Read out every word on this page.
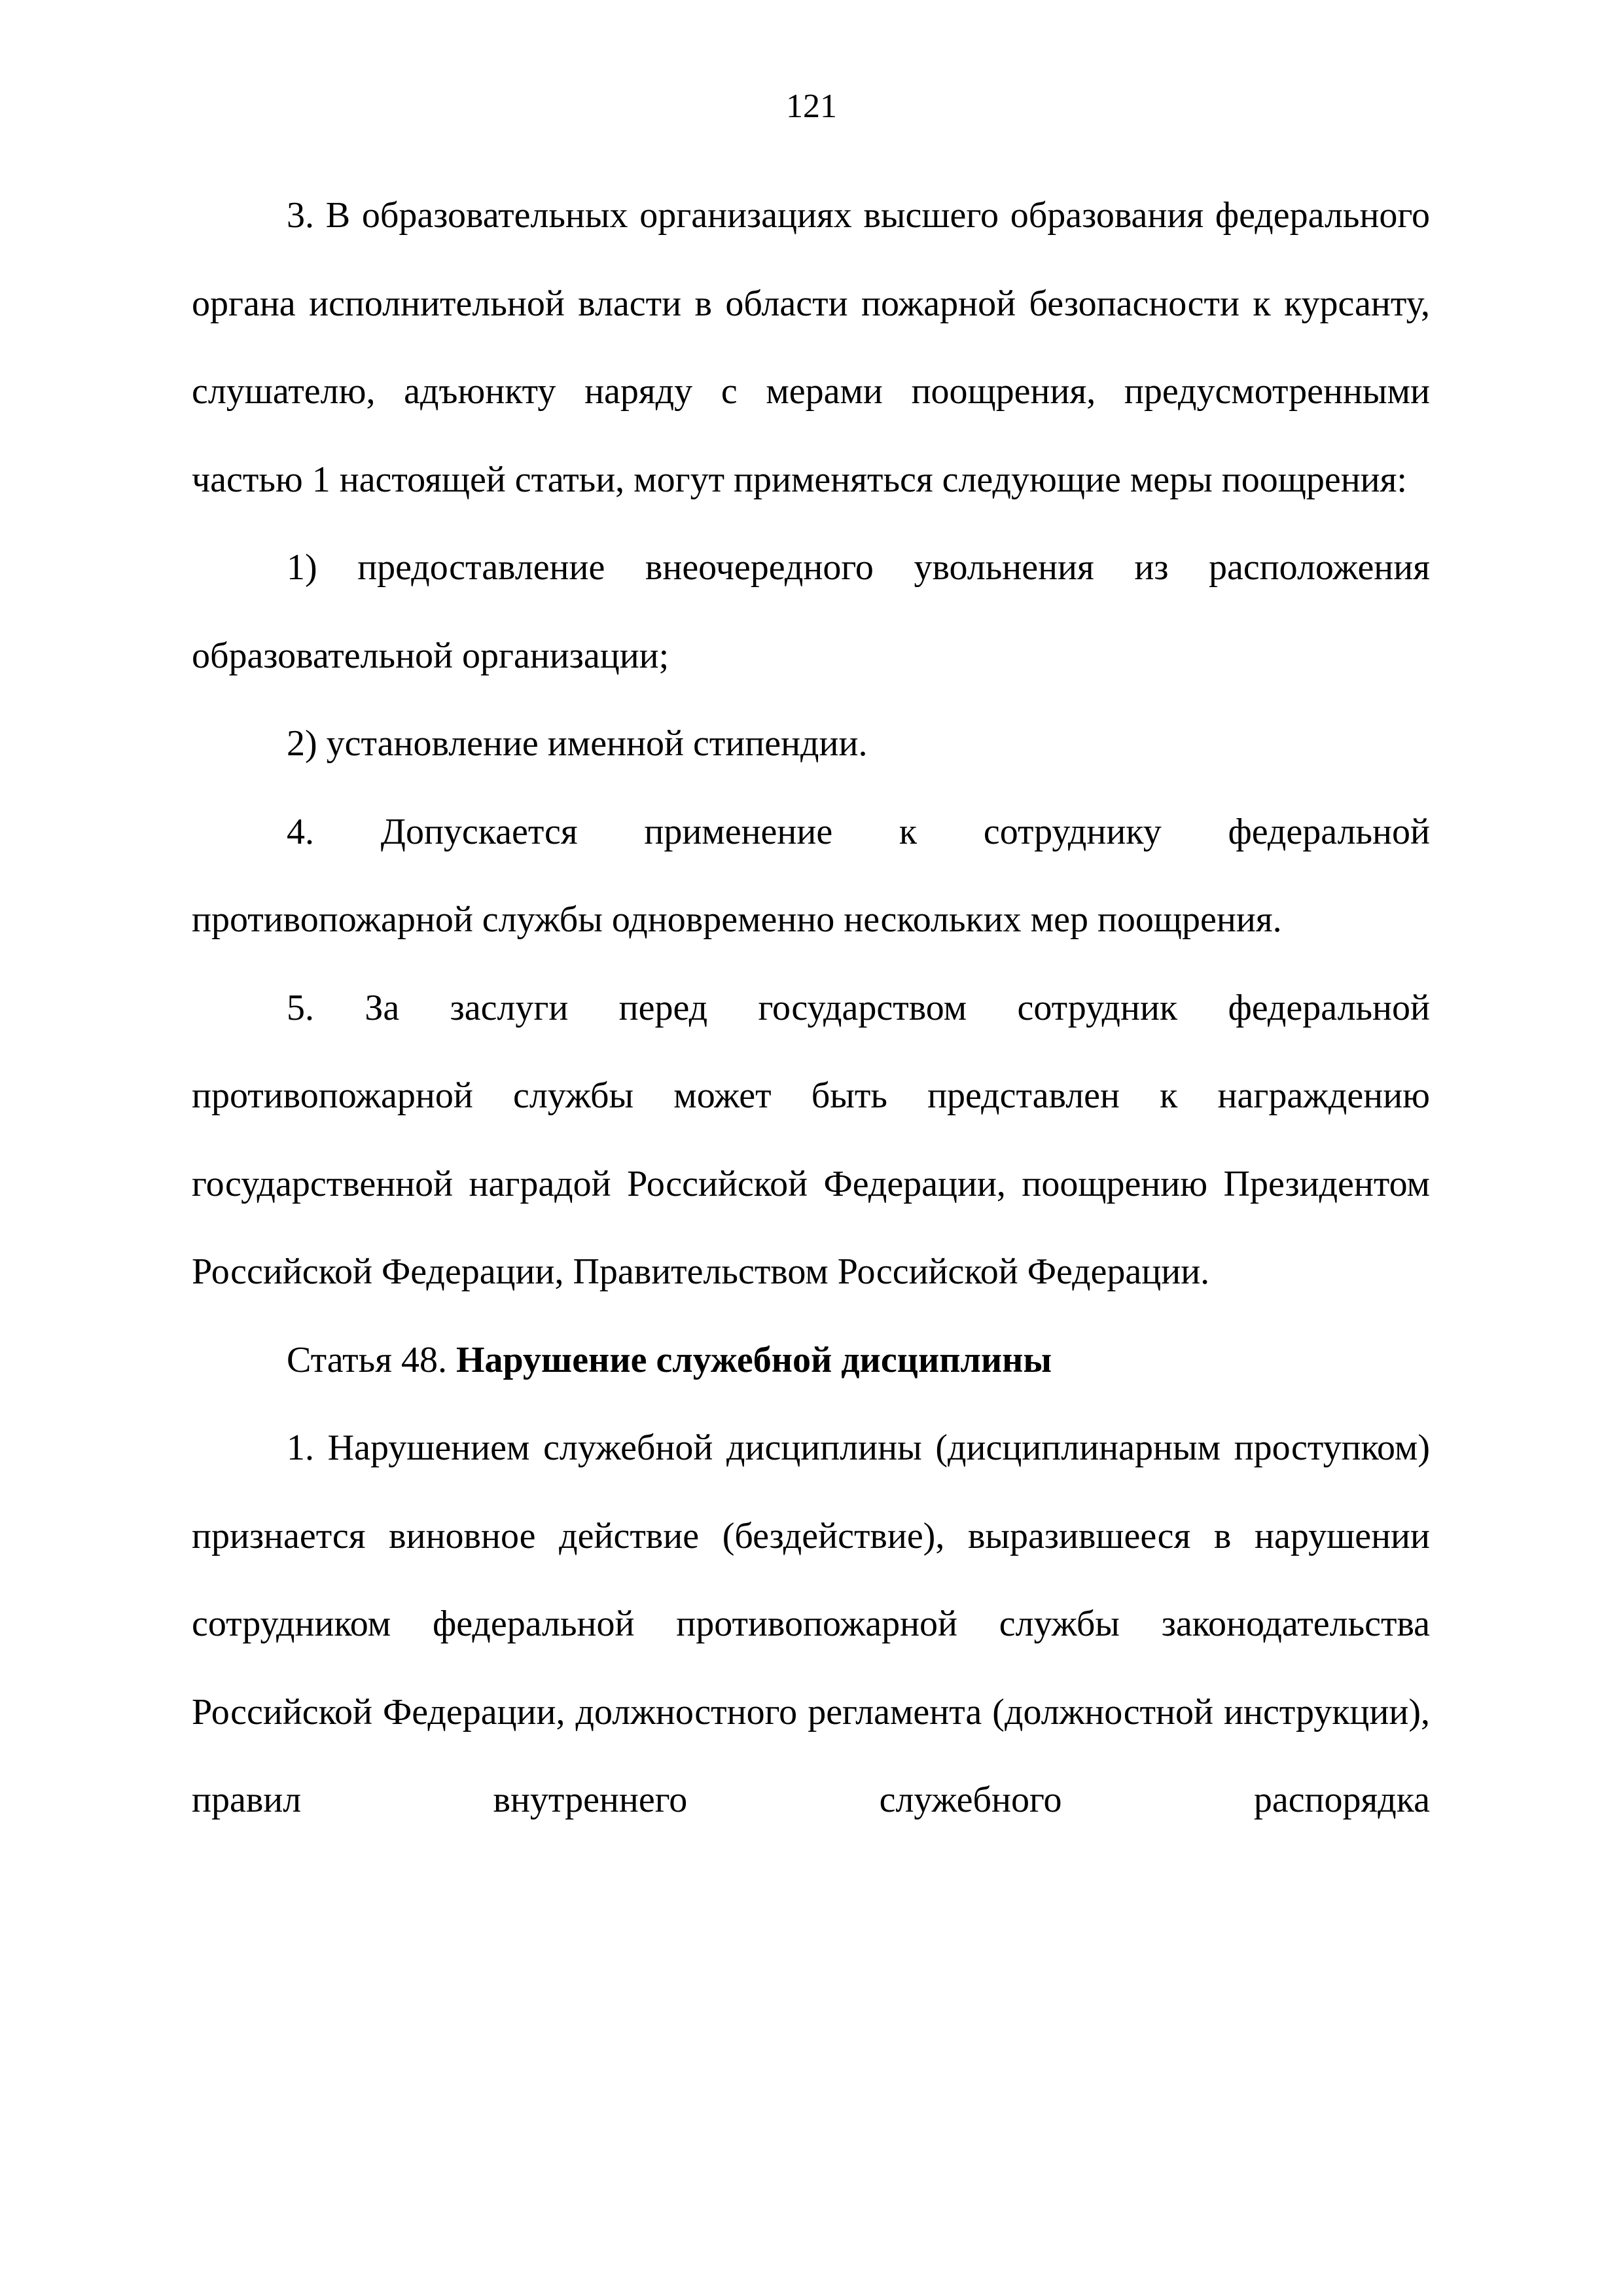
121

3. В образовательных организациях высшего образования федерального органа исполнительной власти в области пожарной безопасности к курсанту, слушателю, адъюнкту наряду с мерами поощрения, предусмотренными частью 1 настоящей статьи, могут применяться следующие меры поощрения:

1) предоставление внеочередного увольнения из расположения образовательной организации;

2) установление именной стипендии.

4. Допускается применение к сотруднику федеральной противопожарной службы одновременно нескольких мер поощрения.

5. За заслуги перед государством сотрудник федеральной противопожарной службы может быть представлен к награждению государственной наградой Российской Федерации, поощрению Президентом Российской Федерации, Правительством Российской Федерации.

Статья 48. Нарушение служебной дисциплины

1. Нарушением служебной дисциплины (дисциплинарным проступком) признается виновное действие (бездействие), выразившееся в нарушении сотрудником федеральной противопожарной службы законодательства Российской Федерации, должностного регламента (должностной инструкции), правил внутреннего служебного распорядка
